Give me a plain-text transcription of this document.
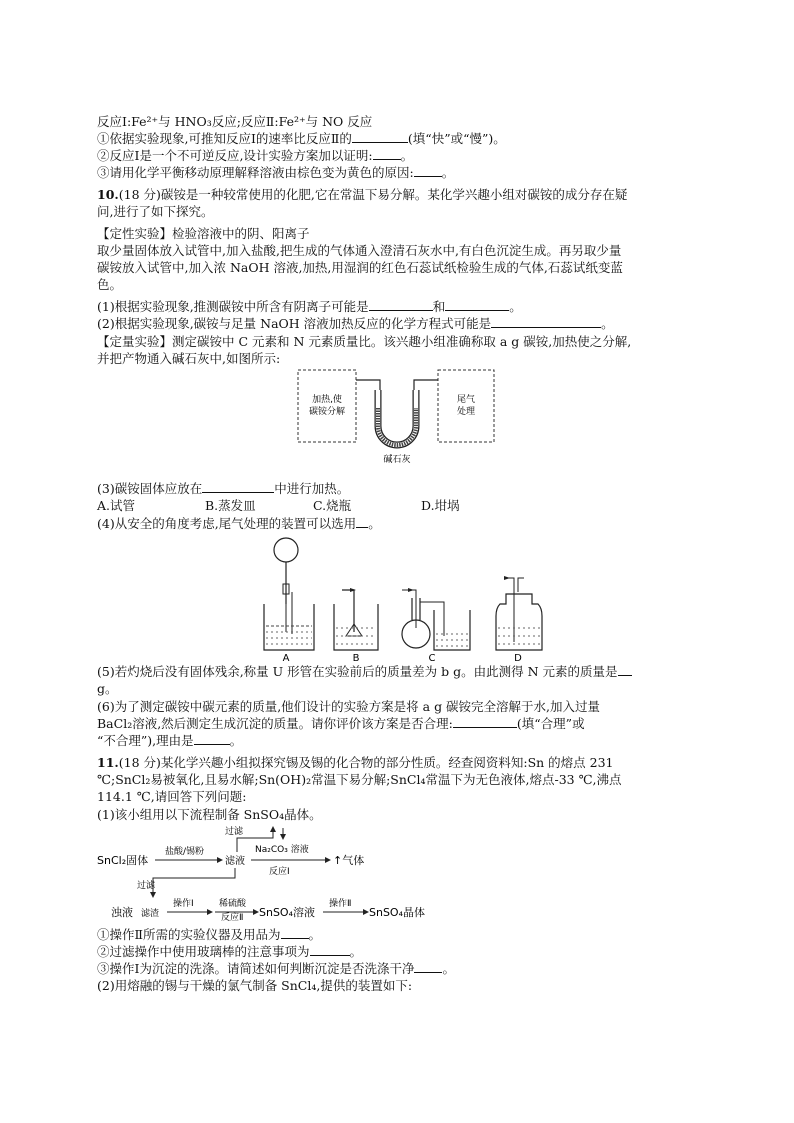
反应Ⅰ:Fe²⁺与 HNO₃反应;反应Ⅱ:Fe²⁺与 NO 反应
①依据实验现象,可推知反应Ⅰ的速率比反应Ⅱ的	(填“快”或“慢”)。
②反应Ⅰ是一个不可逆反应,设计实验方案加以证明: 。
③请用化学平衡移动原理解释溶液由棕色变为黄色的原因: 。
10.(18 分)碳铵是一种较常使用的化肥,它在常温下易分解。某化学兴趣小组对碳铵的成分存在疑
问,进行了如下探究。
【定性实验】检验溶液中的阴、阳离子
取少量固体放入试管中,加入盐酸,把生成的气体通入澄清石灰水中,有白色沉淀生成。再另取少量
碳铵放入试管中,加入浓 NaOH 溶液,加热,用湿润的红色石蕊试纸检验生成的气体,石蕊试纸变蓝
色。
(1)根据实验现象,推测碳铵中所含有阴离子可能是	和	。
(2)根据实验现象,碳铵与足量 NaOH 溶液加热反应的化学方程式可能是	。
【定量实验】测定碳铵中 C 元素和 N 元素质量比。该兴趣小组准确称取 a g 碳铵,加热使之分解,
并把产物通入碱石灰中,如图所示:
加热,使
碳铵分解
尾气
处理
碱石灰
(3)碳铵固体应放在	中进行加热。
A.试管	B.蒸发皿	C.烧瓶	D.坩埚
(4)从安全的角度考虑,尾气处理的装置可以选用 。
A	B	C	D
(5)若灼烧后没有固体残余,称量 U 形管在实验前后的质量差为 b g。由此测得 N 元素的质量是
g。
(6)为了测定碳铵中碳元素的质量,他们设计的实验方案是将 a g 碳铵完全溶解于水,加入过量
BaCl₂溶液,然后测定生成沉淀的质量。请你评价该方案是否合理:	(填“合理”或
“不合理”),理由是	。
11.(18 分)某化学兴趣小组拟探究锡及锡的化合物的部分性质。经查阅资料知:Sn 的熔点 231
℃;SnCl₂易被氧化,且易水解;Sn(OH)₂常温下易分解;SnCl₄常温下为无色液体,熔点-33 ℃,沸点
114.1 ℃,请回答下列问题:
(1)该小组用以下流程制备 SnSO₄晶体。
SnCl₂固体
盐酸/锡粉
滤液
过滤
Na₂CO₃ 溶液
反应Ⅰ
↑气体
过滤
浊液 滤渣
操作Ⅰ	稀硫酸
反应Ⅱ SnSO₄溶液
操作Ⅱ
SnSO₄晶体
①操作Ⅱ所需的实验仪器及用品为 。
②过滤操作中使用玻璃棒的注意事项为	。
③操作Ⅰ为沉淀的洗涤。请简述如何判断沉淀是否洗涤干净 。
(2)用熔融的锡与干燥的氯气制备 SnCl₄,提供的装置如下:
